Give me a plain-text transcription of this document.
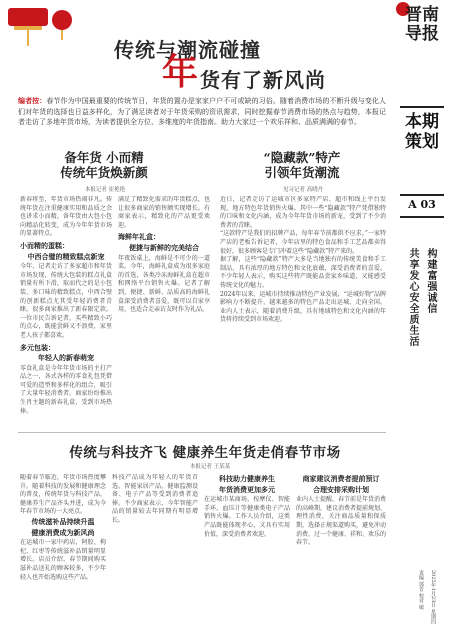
传统与潮流碰撞
年 货有了新风尚
编者按：春节作为中国最重要的传统节日，年货的置办是家家户户不可或缺的习俗。随着消费市场的不断升级与变化人们对年货的选择也日益多样化，为了满足读者对于年货采购的资讯需求，同时挖掘春节消费市场的热点与趋势，本报记者走访了多地年货市场，为读者提供全方位、多维度的年货指南。助力大家过一个欢乐祥和、品质满满的春节。
备年货 小而精
传统年货焕新颜
本报记者 崔艳艳

新春将至，年货市场热闹非凡。传统年货在注重健康实用和品质之余也讲求小而精，备年货由大包小包向精品化转变，成为今年年货市场的显著特点。

小而精的蛋糕：
中西合璧的精致糕点新宠

今年，记者走访了多家超市和年货市场发现，传统大包装的糕点礼盒销量有所下滑，取而代之的是小包装、多口味的精致糕点，中西合璧的创新糕点尤其受年轻消费者青睐。很多商家推出了新春限定款。一位市民告诉记者，买些精致小巧的点心，既能尝鲜又不浪费，家里老人孩子都喜欢。

多元包装：
年轻人的新春萌宠

零食礼盒是今年年货市场的主打产品之一，各式各样的零食礼包凭借可爱的造型和多样化的组合，吸引了大量年轻消费者。商家纷纷推出生肖主题的新春礼盒，受到市场热捧。

满足了精致化需求的年货糕点，也让很多商家的销售额实现增长。有商家表示，精致化的产品更受欢迎。

海鲜年礼盒：
便捷与新鲜的完美结合

年夜饭桌上，海鲜是不可少的一道菜。今年，海鲜礼盒成为很多家庭的首选，各类冷冻海鲜礼盒在超市和网络平台销售火爆。记者了解到，便捷、新鲜、品质高的海鲜礼盒深受消费者喜爱，既可以自家享用，也适合走亲访友时作为礼品。

“隐藏款”特产
引领年货潮流
见习记者 高晓丹

近日，记者走访了运城市区多家特产店、超市和线上平台发现，地方特色年货销售火爆。其中一些“隐藏款”特产凭借独特的口味和文化内涵，成为今年年货市场的新宠，受到了不少消费者的青睐。

“这款特产是我们的招牌产品，每年春节前都供不应求。”一家特产店的老板告诉记者，今年店里的特色食品和手工艺品都卖得很好，很多顾客是专门冲着这些“隐藏款”特产来的。

据了解，这些“隐藏款”特产大多是当地独有的传统美食和手工制品，具有浓厚的地方特色和文化底蕴，深受消费者的喜爱。不少年轻人表示，购买这些特产既能品尝家乡味道，又能感受传统文化的魅力。

2024年以来，运城市持续推动特色产业发展，“运城好物”品牌影响力不断提升，越来越多的特色产品走出运城、走向全国。业内人士表示，随着消费升级，具有地域特色和文化内涵的年货将持续受到市场欢迎。

传统与科技齐飞 健康养生年货走俏春节市场
本报记者 王某某

随着春节临近，年货市场热度攀升。随着科技的发展和健康理念的普及，传统年货与科技产品、健康养生产品齐头并进，成为今年春节市场的一大亮点。

传统滋补品持续升温
健康消费成为新风尚

在运城市一家中药店，阿胶、枸杞、红枣等传统滋补品销量明显增长。店员介绍，春节期间购买滋补品送礼的顾客较多，不少年轻人也开始选购这些产品。

科技产品成为年轻人的年货首选。智能家居产品、健康监测设备、电子产品等受到消费者追捧。不少商家表示，今年智能产品的销量较去年同期有明显增长。

科技助力健康养生
年货消费更加多元

在运城市某商场，按摩仪、智能手环、血压计等健康类电子产品销售火爆。工作人员介绍，这类产品既能体现孝心，又具有实用价值，深受消费者欢迎。

商家建议消费者提前预订
合理安排采购计划

业内人士提醒，春节前是年货消费的高峰期，建议消费者提前规划、理性消费，关注商品质量和保质期，选择正规渠道购买，避免冲动消费，过一个健康、祥和、欢乐的春节。

晋南导报
本期策划
A 03
构建富强诚信
共享发心安全质生活
2025年1月23日 星期四
责编 郭晋 校对 敏
